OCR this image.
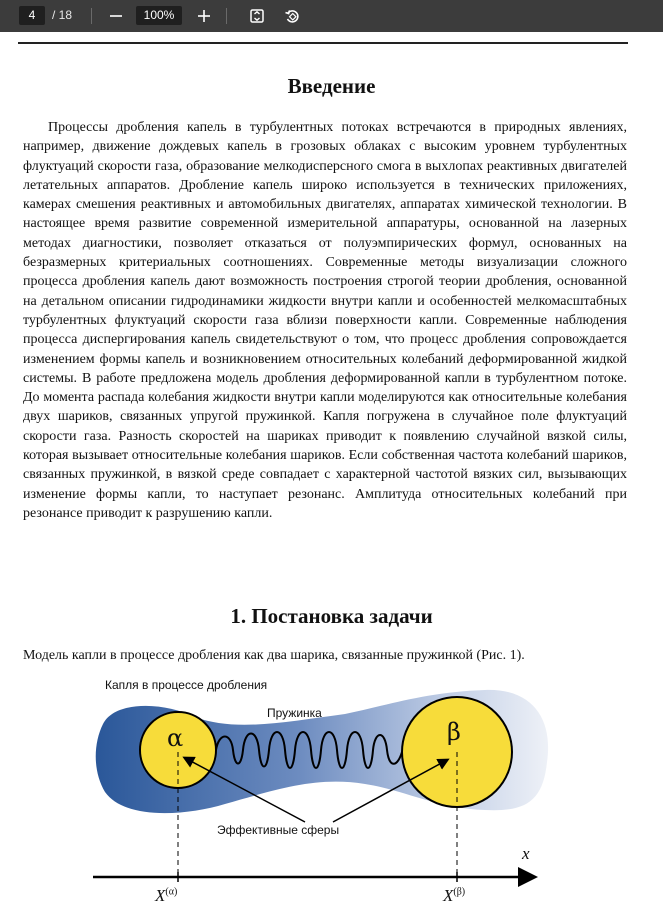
4	/ 18	100%
Введение

Процессы дробления капель в турбулентных потоках встречаются в природных явлениях, например, движение дождевых капель в грозовых облаках с высоким уровнем турбулентных флуктуаций скорости газа, образование мелкодисперсного смога в выхлопах реактивных двигателей летательных аппаратов. Дробление капель широко используется в технических приложениях, камерах смешения реактивных и автомобильных двигателях, аппаратах химической технологии. В настоящее время развитие современной измерительной аппаратуры, основанной на лазерных методах диагностики, позволяет отказаться от полуэмпирических формул, основанных на безразмерных критериальных соотношениях. Современные методы визуализации сложного процесса дробления капель дают возможность построения строгой теории дробления, основанной на детальном описании гидродинамики жидкости внутри капли и особенностей мелкомасштабных турбулентных флуктуаций скорости газа вблизи поверхности капли. Современные наблюдения процесса диспергирования капель свидетельствуют о том, что процесс дробления сопровождается изменением формы капель и возникновением относительных колебаний деформированной жидкой системы. В работе предложена модель дробления деформированной капли в турбулентном потоке. До момента распада колебания жидкости внутри капли моделируются как относительные колебания двух шариков, связанных упругой пружинкой. Капля погружена в случайное поле флуктуаций скорости газа. Разность скоростей на шариках приводит к появлению случайной вязкой силы, которая вызывает относительные колебания шариков. Если собственная частота колебаний шариков, связанных пружинкой, в вязкой среде совпадает с характерной частотой вязких сил, вызывающих изменение формы капли, то наступает резонанс. Амплитуда относительных колебаний при резонансе приводит к разрушению капли.

1. Постановка задачи

Модель капли в процессе дробления как два шарика, связанные пружинкой (Рис. 1).

Капля в процессе дробления
Пружинка
Эффективные сферы
α	β
x
$X^{(\alpha)}$	$X^{(\beta)}$
